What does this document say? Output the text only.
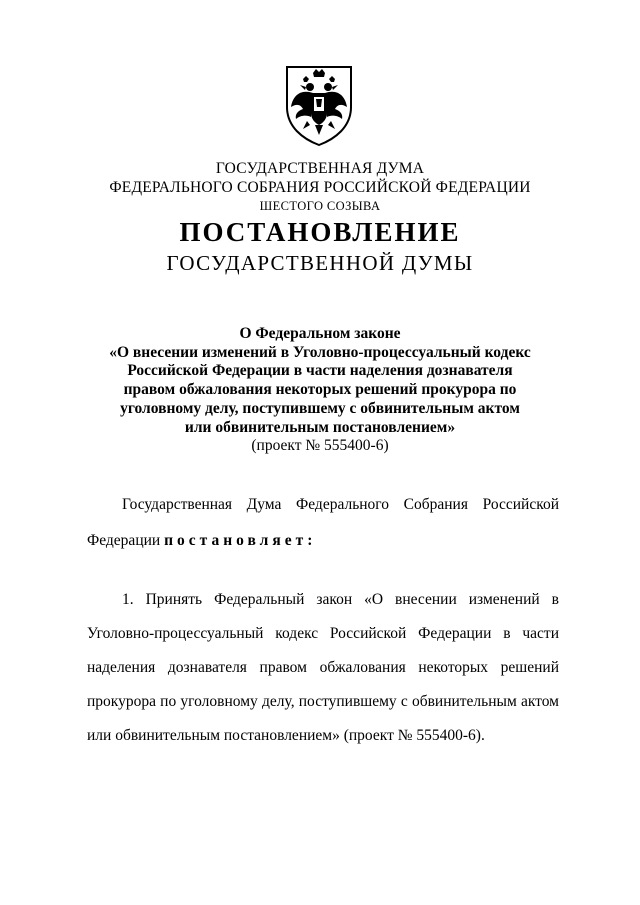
ГОСУДАРСТВЕННАЯ ДУМА
ФЕДЕРАЛЬНОГО СОБРАНИЯ РОССИЙСКОЙ ФЕДЕРАЦИИ
ШЕСТОГО СОЗЫВА
ПОСТАНОВЛЕНИЕ
ГОСУДАРСТВЕННОЙ ДУМЫ
О Федеральном законе
«О внесении изменений в Уголовно-процессуальный кодекс
Российской Федерации в части наделения дознавателя
правом обжалования некоторых решений прокурора по
уголовному делу, поступившему с обвинительным актом
или обвинительным постановлением»
(проект № 555400-6)
Государственная Дума Федерального Собрания Российской
Федерации постановляет:
1. Принять Федеральный закон «О внесении изменений в
Уголовно-процессуальный кодекс Российской Федерации в части
наделения дознавателя правом обжалования некоторых решений
прокурора по уголовному делу, поступившему с обвинительным актом
или обвинительным постановлением» (проект № 555400-6).
